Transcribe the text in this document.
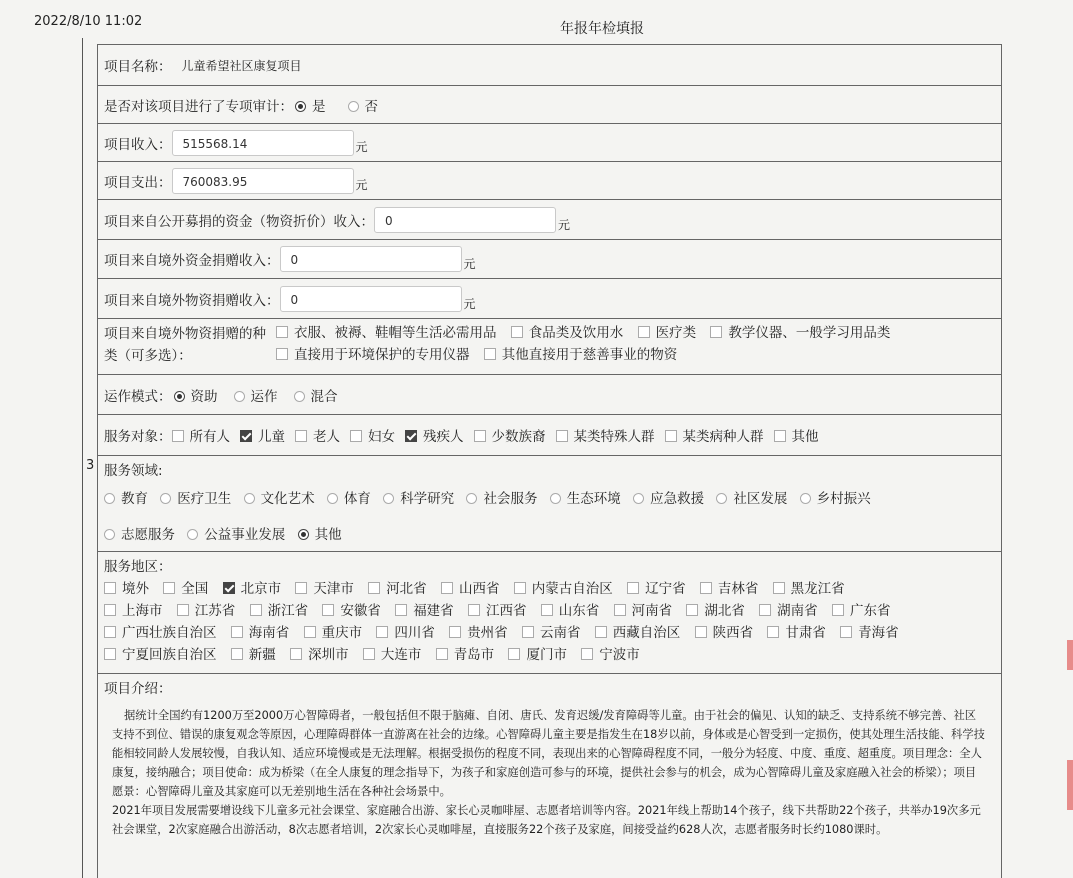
2022/8/10 11:02	年报年检填报
3
项目名称： 儿童希望社区康复项目
是否对该项目进行了专项审计：	是	否
项目收入： 515568.14	元
项目支出： 760083.95	元
项目来自公开募捐的资金（物资折价）收入： 0	元
项目来自境外资金捐赠收入： 0	元
项目来自境外物资捐赠收入： 0	元
项目来自境外物资捐赠的种
类（可多选）：
衣服、被褥、鞋帽等生活必需用品 食品类及饮用水 医疗类 教学仪器、一般学习用品类
直接用于环境保护的专用仪器 其他直接用于慈善事业的物资
运作模式：	资助	运作	混合
服务对象：	所有人	儿童	老人	妇女	残疾人	少数族裔	某类特殊人群	某类病种人群	其他
服务领域:
教育 医疗卫生 文化艺术 体育 科学研究 社会服务 生态环境 应急救援 社区发展 乡村振兴
志愿服务 公益事业发展 其他
服务地区：
境外 全国 北京市 天津市 河北省 山西省 内蒙古自治区 辽宁省 吉林省 黑龙江省
上海市 江苏省 浙江省 安徽省 福建省 江西省 山东省 河南省 湖北省 湖南省 广东省
广西壮族自治区 海南省 重庆市 四川省 贵州省 云南省 西藏自治区 陕西省 甘肃省 青海省
宁夏回族自治区 新疆 深圳市 大连市 青岛市 厦门市 宁波市
项目介绍：

据统计全国约有1200万至2000万心智障碍者，一般包括但不限于脑瘫、自闭、唐氏、发育迟缓/发育障碍等儿童。由于社会的偏见、认知的缺乏、支持系统不够完善、社区支持不到位、错误的康复观念等原因，心理障碍群体一直游离在社会的边缘。心智障碍儿童主要是指发生在18岁以前，身体或是心智受到一定损伤，使其处理生活技能、科学技能相较同龄人发展较慢，自我认知、适应环境慢或是无法理解。根据受损伤的程度不同，表现出来的心智障碍程度不同，一般分为轻度、中度、重度、超重度。项目理念：全人康复，接纳融合；项目使命：成为桥梁（在全人康复的理念指导下，为孩子和家庭创造可参与的环境，提供社会参与的机会，成为心智障碍儿童及家庭融入社会的桥梁）；项目愿景：心智障碍儿童及其家庭可以无差别地生活在各种社会场景中。

2021年项目发展需要增设线下儿童多元社会课堂、家庭融合出游、家长心灵咖啡屋、志愿者培训等内容。2021年线上帮助14个孩子，线下共帮助22个孩子，共举办19次多元社会课堂，2次家庭融合出游活动，8次志愿者培训，2次家长心灵咖啡屋，直接服务22个孩子及家庭，间接受益约628人次，志愿者服务时长约1080课时。
